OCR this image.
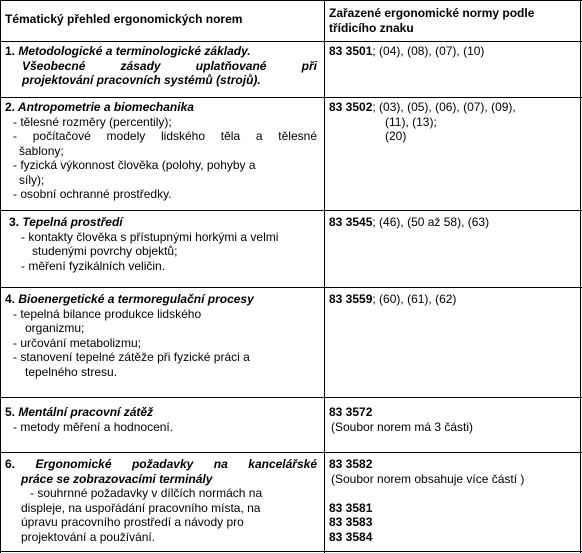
Tématický přehled ergonomických norem	Zařazené ergonomické normy podle
třídicího znaku
1. Metodologické a terminologické základy.
Všeobecné zásady uplatňované při
projektování pracovních systémů (strojů).
83 3501; (04), (08), (07), (10)
2. Antropometrie a biomechanika
- tělesné rozměry (percentily);
- počítačové modely lidského těla a tělesné
šablony;
- fyzická výkonnost člověka (polohy, pohyby a
síly);
- osobní ochranné prostředky.
83 3502; (03), (05), (06), (07), (09),
(11), (13);
(20)
3. Tepelná prostředí
- kontakty člověka s přístupnými horkými a velmi
studenými povrchy objektů;
- měření fyzikálních veličin.
83 3545; (46), (50 až 58), (63)
4. Bioenergetické a termoregulační procesy
- tepelná bilance produkce lidského
organizmu;
- určování metabolizmu;
- stanovení tepelné zátěže při fyzické práci a
tepelného stresu.
83 3559; (60), (61), (62)
5. Mentální pracovní zátěž
- metody měření a hodnocení.
83 3572
(Soubor norem má 3 části)
6. Ergonomické požadavky na kancelářské
práce se zobrazovacími terminály
- souhrnné požadavky v dílčích normách na
displeje, na uspořádání pracovního místa, na
úpravu pracovního prostředí a návody pro
projektování a používání.
83 3582
(Soubor norem obsahuje více částí )
83 3581
83 3583
83 3584
